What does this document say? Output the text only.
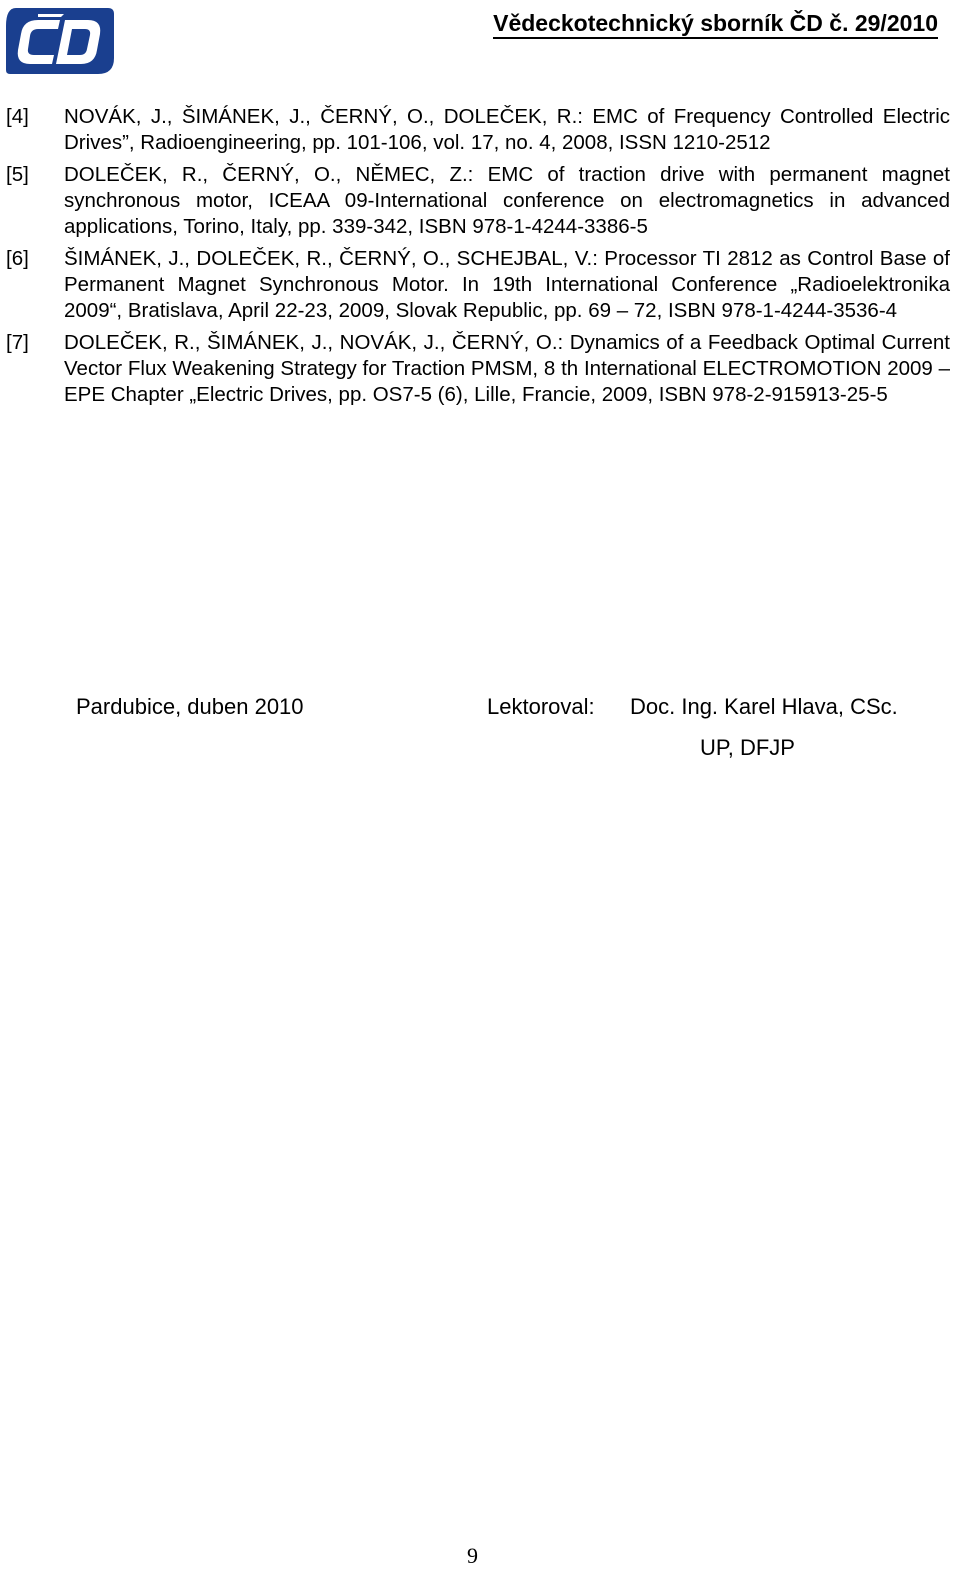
Vědeckotechnický sborník ČD č. 29/2010
[4] NOVÁK, J., ŠIMÁNEK, J., ČERNÝ, O., DOLEČEK, R.: EMC of Frequency Controlled Electric Drives”, Radioengineering, pp. 101-106, vol. 17, no. 4, 2008, ISSN 1210-2512
[5] DOLEČEK, R., ČERNÝ, O., NĚMEC, Z.: EMC of traction drive with permanent magnet synchronous motor, ICEAA 09-International conference on electromagnetics in advanced applications, Torino, Italy, pp. 339-342, ISBN 978-1-4244-3386-5
[6] ŠIMÁNEK, J., DOLEČEK, R., ČERNÝ, O., SCHEJBAL, V.: Processor TI 2812 as Control Base of Permanent Magnet Synchronous Motor. In 19th International Conference „Radioelektronika 2009“, Bratislava, April 22-23, 2009, Slovak Republic, pp. 69 – 72, ISBN 978-1-4244-3536-4
[7] DOLEČEK, R., ŠIMÁNEK, J., NOVÁK, J., ČERNÝ, O.: Dynamics of a Feedback Optimal Current Vector Flux Weakening Strategy for Traction PMSM, 8 th International ELECTROMOTION 2009 – EPE Chapter „Electric Drives, pp. OS7-5 (6), Lille, Francie, 2009, ISBN 978-2-915913-25-5
Pardubice, duben 2010	Lektoroval: Doc. Ing. Karel Hlava, CSc.
UP, DFJP
9
